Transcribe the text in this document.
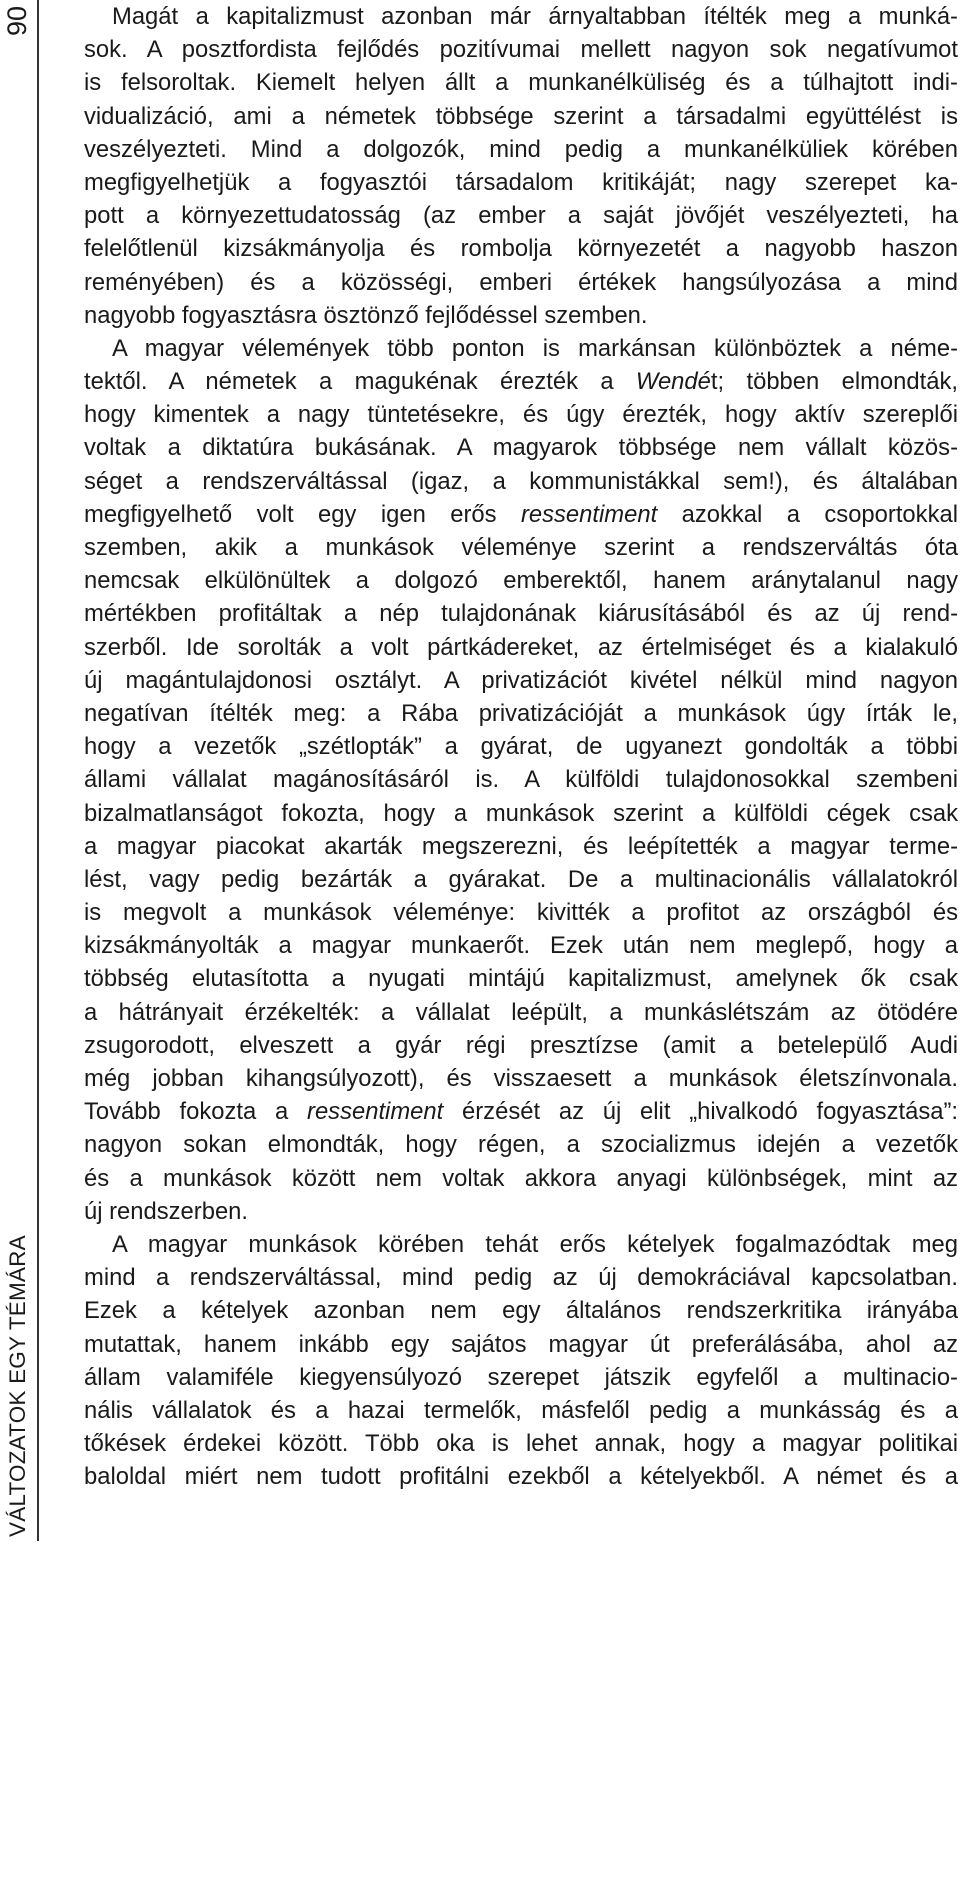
90
VÁLTOZATOK EGY TÉMÁRA
Magát a kapitalizmust azonban már árnyaltabban ítélték meg a munká-
sok. A posztfordista fejlődés pozitívumai mellett nagyon sok negatívumot
is felsoroltak. Kiemelt helyen állt a munkanélküliség és a túlhajtott indi-
vidualizáció, ami a németek többsége szerint a társadalmi együttélést is
veszélyezteti. Mind a dolgozók, mind pedig a munkanélküliek körében
megfigyelhetjük a fogyasztói társadalom kritikáját; nagy szerepet ka-
pott a környezettudatosság (az ember a saját jövőjét veszélyezteti, ha
felelőtlenül kizsákmányolja és rombolja környezetét a nagyobb haszon
reményében) és a közösségi, emberi értékek hangsúlyozása a mind
nagyobb fogyasztásra ösztönző fejlődéssel szemben.
A magyar vélemények több ponton is markánsan különböztek a néme-
tektől. A németek a magukénak érezték a Wendét; többen elmondták,
hogy kimentek a nagy tüntetésekre, és úgy érezték, hogy aktív szereplői
voltak a diktatúra bukásának. A magyarok többsége nem vállalt közös-
séget a rendszerváltással (igaz, a kommunistákkal sem!), és általában
megfigyelhető volt egy igen erős ressentiment azokkal a csoportokkal
szemben, akik a munkások véleménye szerint a rendszerváltás óta
nemcsak elkülönültek a dolgozó emberektől, hanem aránytalanul nagy
mértékben profitáltak a nép tulajdonának kiárusításából és az új rend-
szerből. Ide sorolták a volt pártkádereket, az értelmiséget és a kialakuló
új magántulajdonosi osztályt. A privatizációt kivétel nélkül mind nagyon
negatívan ítélték meg: a Rába privatizációját a munkások úgy írták le,
hogy a vezetők „szétlopták” a gyárat, de ugyanezt gondolták a többi
állami vállalat magánosításáról is. A külföldi tulajdonosokkal szembeni
bizalmatlanságot fokozta, hogy a munkások szerint a külföldi cégek csak
a magyar piacokat akarták megszerezni, és leépítették a magyar terme-
lést, vagy pedig bezárták a gyárakat. De a multinacionális vállalatokról
is megvolt a munkások véleménye: kivitték a profitot az országból és
kizsákmányolták a magyar munkaerőt. Ezek után nem meglepő, hogy a
többség elutasította a nyugati mintájú kapitalizmust, amelynek ők csak
a hátrányait érzékelték: a vállalat leépült, a munkáslétszám az ötödére
zsugorodott, elveszett a gyár régi presztízse (amit a betelepülő Audi
még jobban kihangsúlyozott), és visszaesett a munkások életszínvonala.
Tovább fokozta a ressentiment érzését az új elit „hivalkodó fogyasztása”:
nagyon sokan elmondták, hogy régen, a szocializmus idején a vezetők
és a munkások között nem voltak akkora anyagi különbségek, mint az
új rendszerben.
A magyar munkások körében tehát erős kételyek fogalmazódtak meg
mind a rendszerváltással, mind pedig az új demokráciával kapcsolatban.
Ezek a kételyek azonban nem egy általános rendszerkritika irányába
mutattak, hanem inkább egy sajátos magyar út preferálásába, ahol az
állam valamiféle kiegyensúlyozó szerepet játszik egyfelől a multinacio-
nális vállalatok és a hazai termelők, másfelől pedig a munkásság és a
tőkések érdekei között. Több oka is lehet annak, hogy a magyar politikai
baloldal miért nem tudott profitálni ezekből a kételyekből. A német és a
